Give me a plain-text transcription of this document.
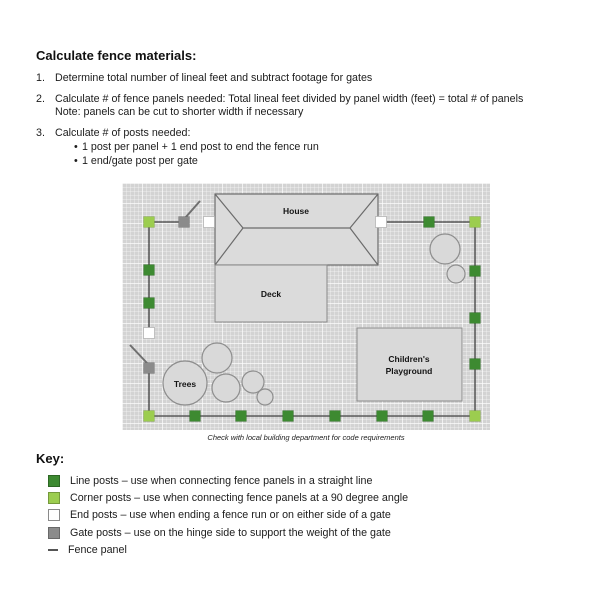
Calculate fence materials:
1. Determine total number of lineal feet and subtract footage for gates
2. Calculate # of fence panels needed: Total lineal feet divided by panel width (feet) = total # of panels
Note: panels can be cut to shorter width if necessary
3. Calculate # of posts needed:
• 1 post per panel + 1 end post to end the fence run
• 1 end/gate post per gate
House
Deck
Trees
Children's
Playground
Check with local building department for code requirements
Key:
Line posts – use when connecting fence panels in a straight line
Corner posts – use when connecting fence panels at a 90 degree angle
End posts – use when ending a fence run or on either side of a gate
Gate posts – use on the hinge side to support the weight of the gate
Fence panel
